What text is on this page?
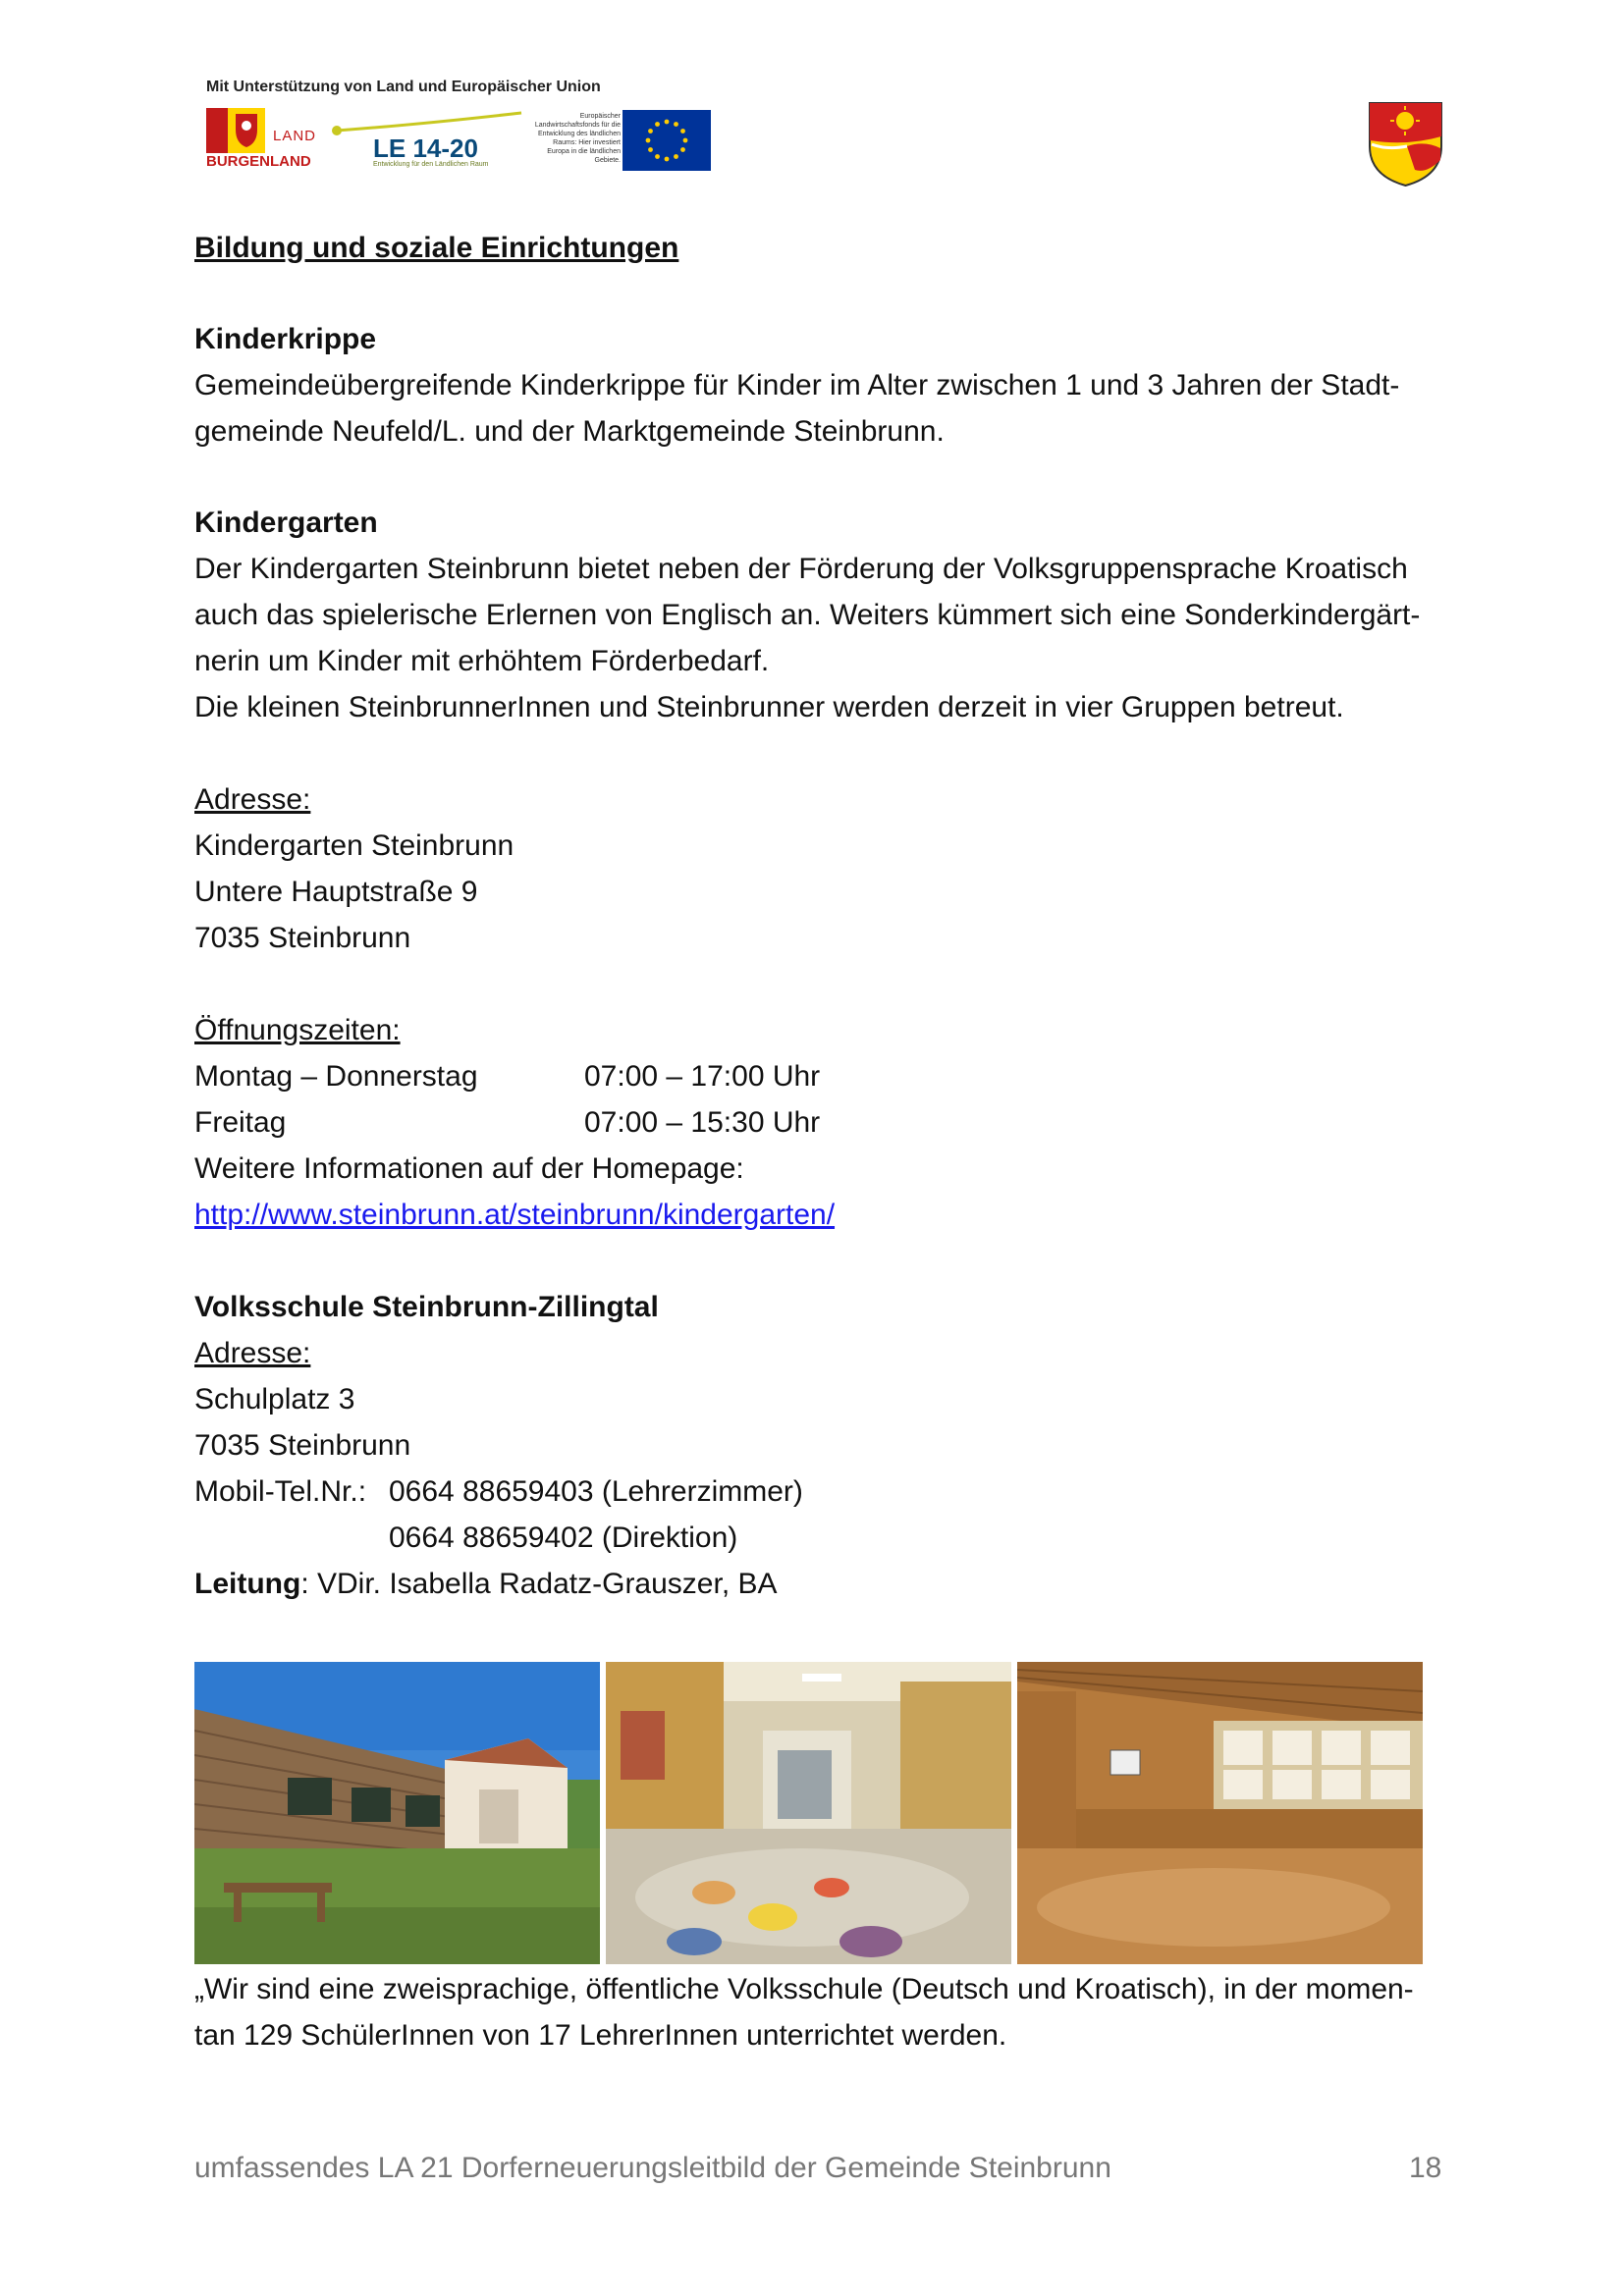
Mit Unterstützung von Land und Europäischer Union
LAND
BURGENLAND LE 14-20
Entwicklung für den Ländlichen Raum
Europäischer Landwirtschaftsfonds für die Entwicklung des ländlichen Raums: Hier investiert Europa in die ländlichen Gebiete.
Bildung und soziale Einrichtungen
Kinderkrippe
Gemeindeübergreifende Kinderkrippe für Kinder im Alter zwischen 1 und 3 Jahren der Stadt-
gemeinde Neufeld/L. und der Marktgemeinde Steinbrunn.
Kindergarten
Der Kindergarten Steinbrunn bietet neben der Förderung der Volksgruppensprache Kroatisch
auch das spielerische Erlernen von Englisch an. Weiters kümmert sich eine Sonderkindergärt-
nerin um Kinder mit erhöhtem Förderbedarf.
Die kleinen SteinbrunnerInnen und Steinbrunner werden derzeit in vier Gruppen betreut.
Adresse:
Kindergarten Steinbrunn
Untere Hauptstraße 9
7035 Steinbrunn
Öffnungszeiten:
Montag – Donnerstag	07:00 – 17:00 Uhr
Freitag	07:00 – 15:30 Uhr
Weitere Informationen auf der Homepage:
http://www.steinbrunn.at/steinbrunn/kindergarten/
Volksschule Steinbrunn-Zillingtal
Adresse:
Schulplatz 3
7035 Steinbrunn
Mobil-Tel.Nr.: 0664 88659403 (Lehrerzimmer)
0664 88659402 (Direktion)
Leitung: VDir. Isabella Radatz-Grauszer, BA
„Wir sind eine zweisprachige, öffentliche Volksschule (Deutsch und Kroatisch), in der momen-
tan 129 SchülerInnen von 17 LehrerInnen unterrichtet werden.
umfassendes LA 21 Dorferneuerungsleitbild der Gemeinde Steinbrunn	18
